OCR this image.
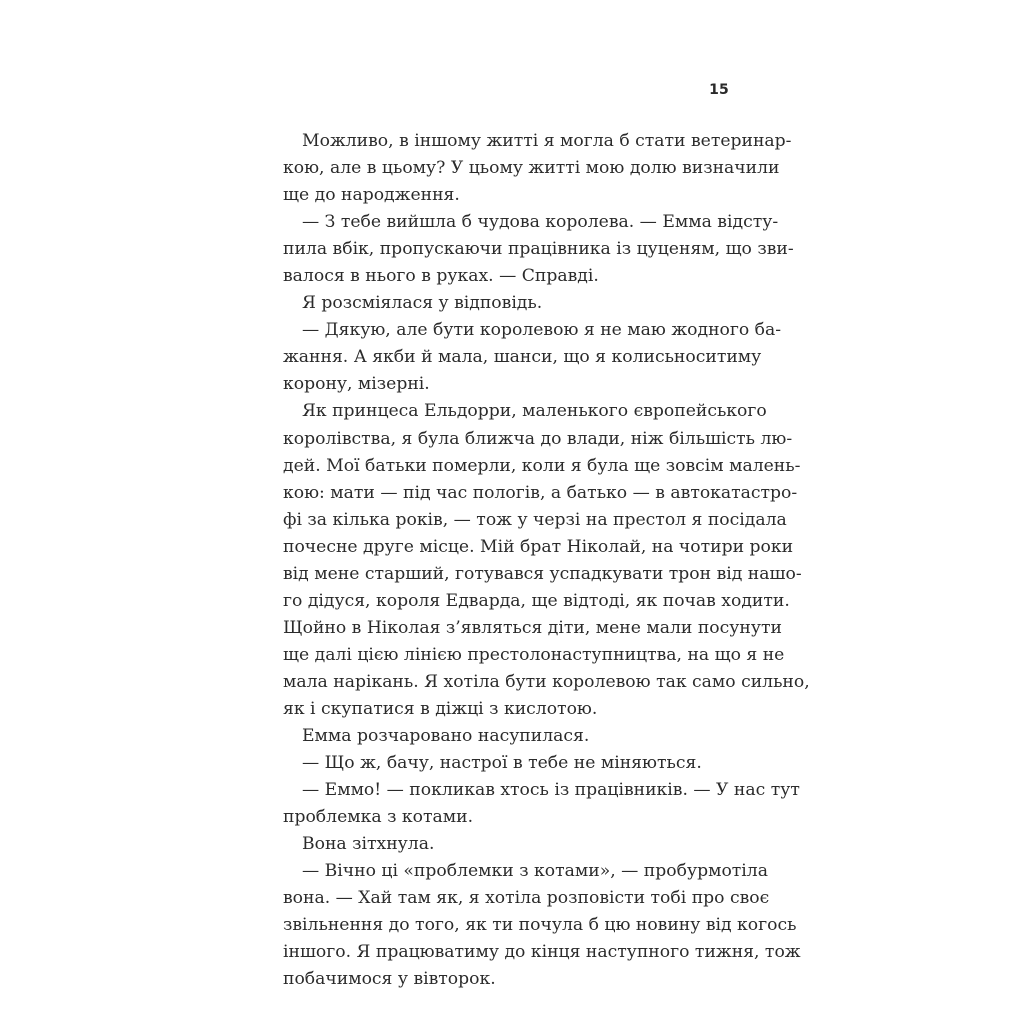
15
Можливо, в іншому житті я могла б стати ветеринар-
кою, але в цьому? У цьому житті мою долю визначили
ще до народження.
— З тебе вийшла б чудова королева. — Емма відсту-
пила вбік, пропускаючи працівника із цуценям, що зви-
валося в нього в руках. — Справді.
Я розсміялася у відповідь.
— Дякую, але бути королевою я не маю жодного ба-
жання. А якби й мала, шанси, що я колисьноситиму
корону, мізерні.
Як принцеса Ельдорри, маленького європейського
королівства, я була ближча до влади, ніж більшість лю-
дей. Мої батьки померли, коли я була ще зовсім малень-
кою: мати — під час пологів, а батько — в автокатастро-
фі за кілька років, — тож у черзі на престол я посідала
почесне друге місце. Мій брат Ніколай, на чотири роки
від мене старший, готувався успадкувати трон від нашо-
го дідуся, короля Едварда, ще відтоді, як почав ходити.
Щойно в Ніколая з’являться діти, мене мали посунути
ще далі цією лінією престолонаступництва, на що я не
мала нарікань. Я хотіла бути королевою так само сильно,
як і скупатися в діжці з кислотою.
Емма розчаровано насупилася.
— Що ж, бачу, настрої в тебе не міняються.
— Еммо! — покликав хтось із працівників. — У нас тут
проблемка з котами.
Вона зітхнула.
— Вічно ці «проблемки з котами», — пробурмотіла
вона. — Хай там як, я хотіла розповісти тобі про своє
звільнення до того, як ти почула б цю новину від когось
іншого. Я працюватиму до кінця наступного тижня, тож
побачимося у вівторок.
